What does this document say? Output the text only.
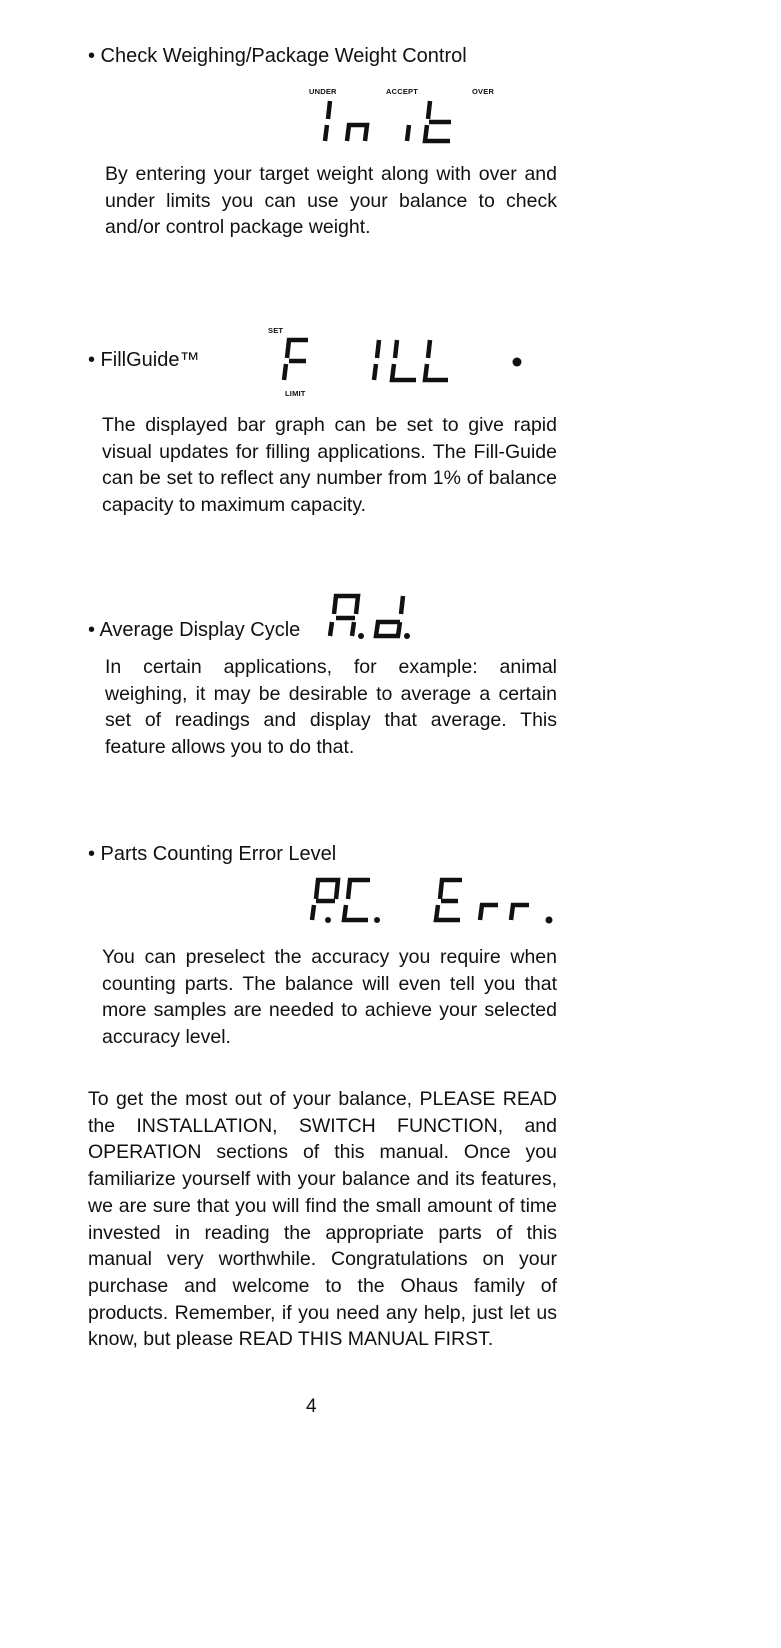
• Check Weighing/Package Weight Control
UNDER	ACCEPT	OVER
By entering your target weight along with over and under limits you can use your balance to check and/or control package weight.
SET
• FillGuide™
LIMIT
The displayed bar graph can be set to give rapid visual updates for filling applications. The Fill-Guide can be set to reflect any number from 1% of balance capacity to maximum capacity.
• Average Display Cycle
In certain applications, for example: animal weighing, it may be desirable to average a certain set of readings and display that average. This feature allows you to do that.
• Parts Counting Error Level
You can preselect the accuracy you require when counting parts. The balance will even tell you that more samples are needed to achieve your selected accuracy level.
To get the most out of your balance, PLEASE READ the INSTALLATION, SWITCH FUNCTION, and OPERATION sections of this manual. Once you familiarize yourself with your balance and its features, we are sure that you will find the small amount of time invested in reading the appropriate parts of this manual very worthwhile. Congratulations on your purchase and welcome to the Ohaus family of products. Remember, if you need any help, just let us know, but please READ THIS MANUAL FIRST.
4
